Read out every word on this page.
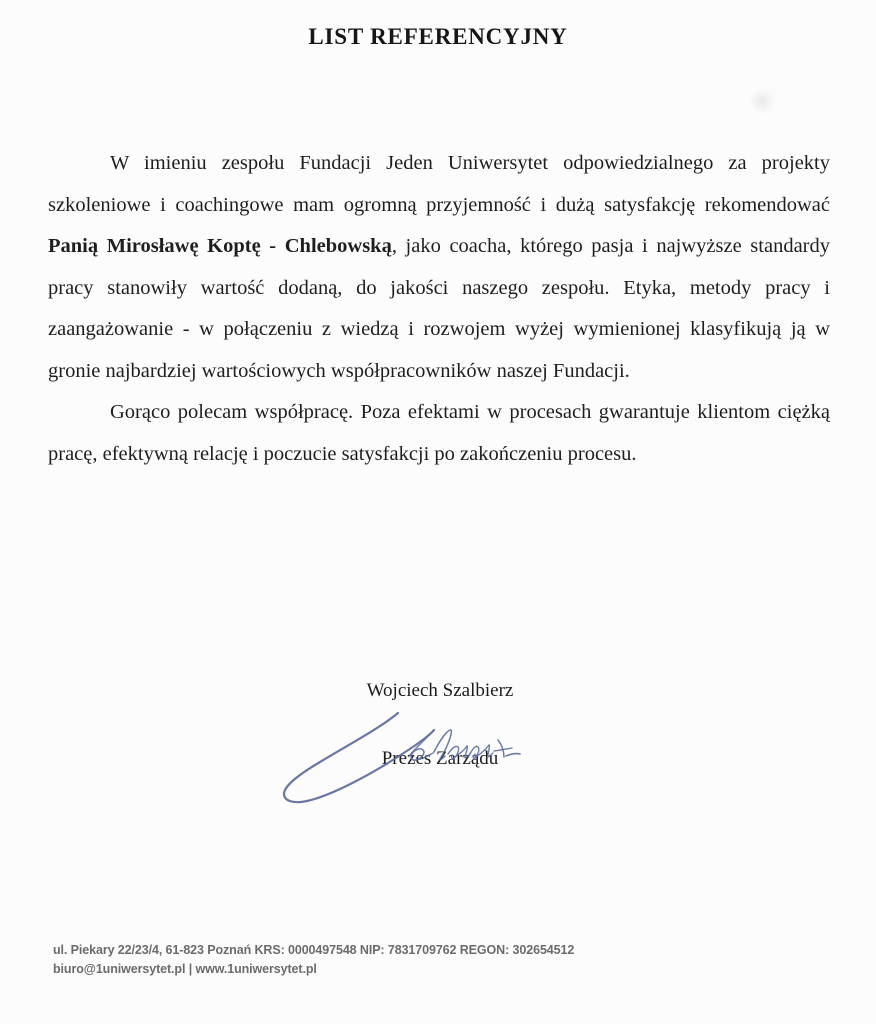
LIST REFERENCYJNY

W imieniu zespołu Fundacji Jeden Uniwersytet odpowiedzialnego za projekty szkoleniowe i coachingowe mam ogromną przyjemność i dużą satysfakcję rekomendować Panią Mirosławę Koptę - Chlebowską, jako coacha, którego pasja i najwyższe standardy pracy stanowiły wartość dodaną, do jakości naszego zespołu. Etyka, metody pracy i zaangażowanie - w połączeniu z wiedzą i rozwojem wyżej wymienionej klasyfikują ją w gronie najbardziej wartościowych współpracowników naszej Fundacji.

Gorąco polecam współpracę. Poza efektami w procesach gwarantuje klientom ciężką pracę, efektywną relację i poczucie satysfakcji po zakończeniu procesu.

Wojciech Szalbierz
Prezes Zarządu
ul. Piekary 22/23/4, 61-823 Poznań KRS: 0000497548 NIP: 7831709762 REGON: 302654512
biuro@1uniwersytet.pl | www.1uniwersytet.pl
